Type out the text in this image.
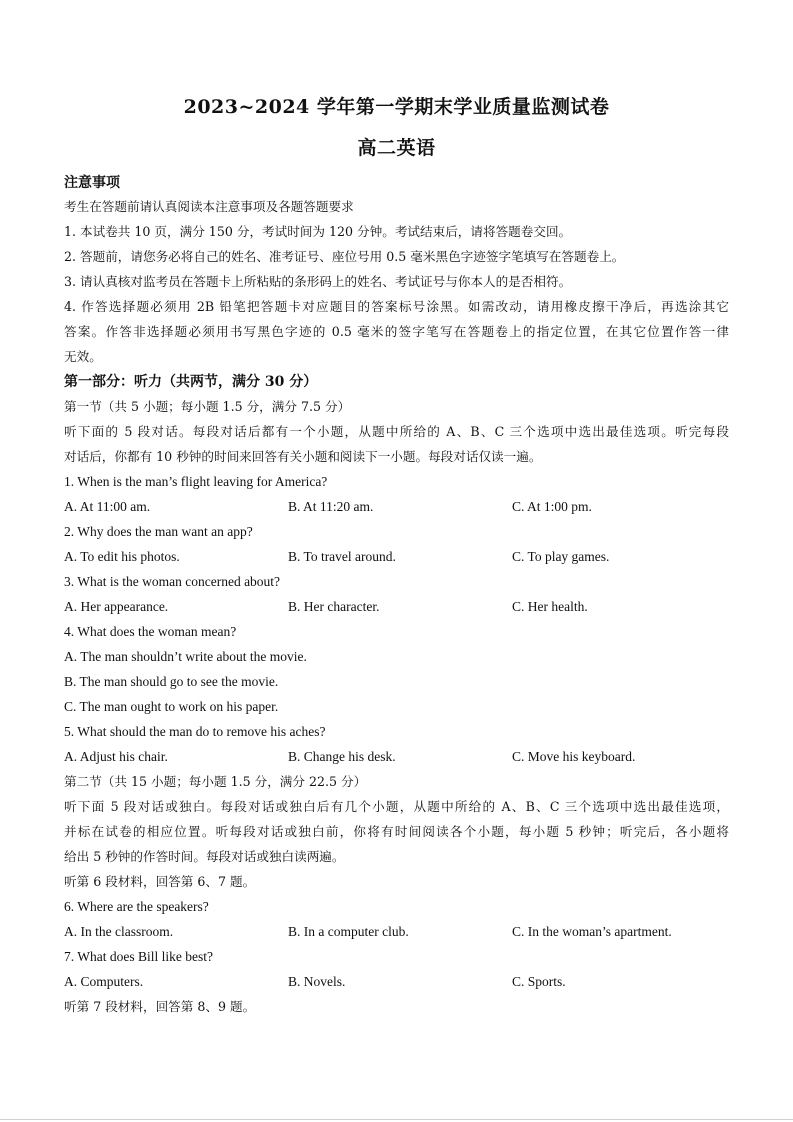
2023~2024 学年第一学期末学业质量监测试卷
高二英语
注意事项
考生在答题前请认真阅读本注意事项及各题答题要求
1. 本试卷共 10 页，满分 150 分，考试时间为 120 分钟。考试结束后，请将答题卷交回。
2. 答题前，请您务必将自己的姓名、准考证号、座位号用 0.5 毫米黑色字迹签字笔填写在答题卷上。
3. 请认真核对监考员在答题卡上所粘贴的条形码上的姓名、考试证号与你本人的是否相符。
4. 作答选择题必须用 2B 铅笔把答题卡对应题目的答案标号涂黑。如需改动，请用橡皮擦干净后，再选涂其它
答案。作答非选择题必须用书写黑色字迹的 0.5 毫米的签字笔写在答题卷上的指定位置，在其它位置作答一律
无效。
第一部分：听力（共两节，满分 30 分）
第一节（共 5 小题；每小题 1.5 分，满分 7.5 分）
听下面的 5 段对话。每段对话后都有一个小题，从题中所给的 A、B、C 三个选项中选出最佳选项。听完每段
对话后，你都有 10 秒钟的时间来回答有关小题和阅读下一小题。每段对话仅读一遍。
1. When is the man’s flight leaving for America?
A. At 11:00 am.	B. At 11:20 am.	C. At 1:00 pm.
2. Why does the man want an app?
A. To edit his photos.	B. To travel around.	C. To play games.
3. What is the woman concerned about?
A. Her appearance.	B. Her character.	C. Her health.
4. What does the woman mean?
A. The man shouldn’t write about the movie.
B. The man should go to see the movie.
C. The man ought to work on his paper.
5. What should the man do to remove his aches?
A. Adjust his chair.	B. Change his desk.	C. Move his keyboard.
第二节（共 15 小题；每小题 1.5 分，满分 22.5 分）
听下面 5 段对话或独白。每段对话或独白后有几个小题，从题中所给的 A、B、C 三个选项中选出最佳选项，
并标在试卷的相应位置。听每段对话或独白前，你将有时间阅读各个小题，每小题 5 秒钟；听完后，各小题将
给出 5 秒钟的作答时间。每段对话或独白读两遍。
听第 6 段材料，回答第 6、7 题。
6. Where are the speakers?
A. In the classroom.	B. In a computer club.	C. In the woman’s apartment.
7. What does Bill like best?
A. Computers.	B. Novels.	C. Sports.
听第 7 段材料，回答第 8、9 题。
